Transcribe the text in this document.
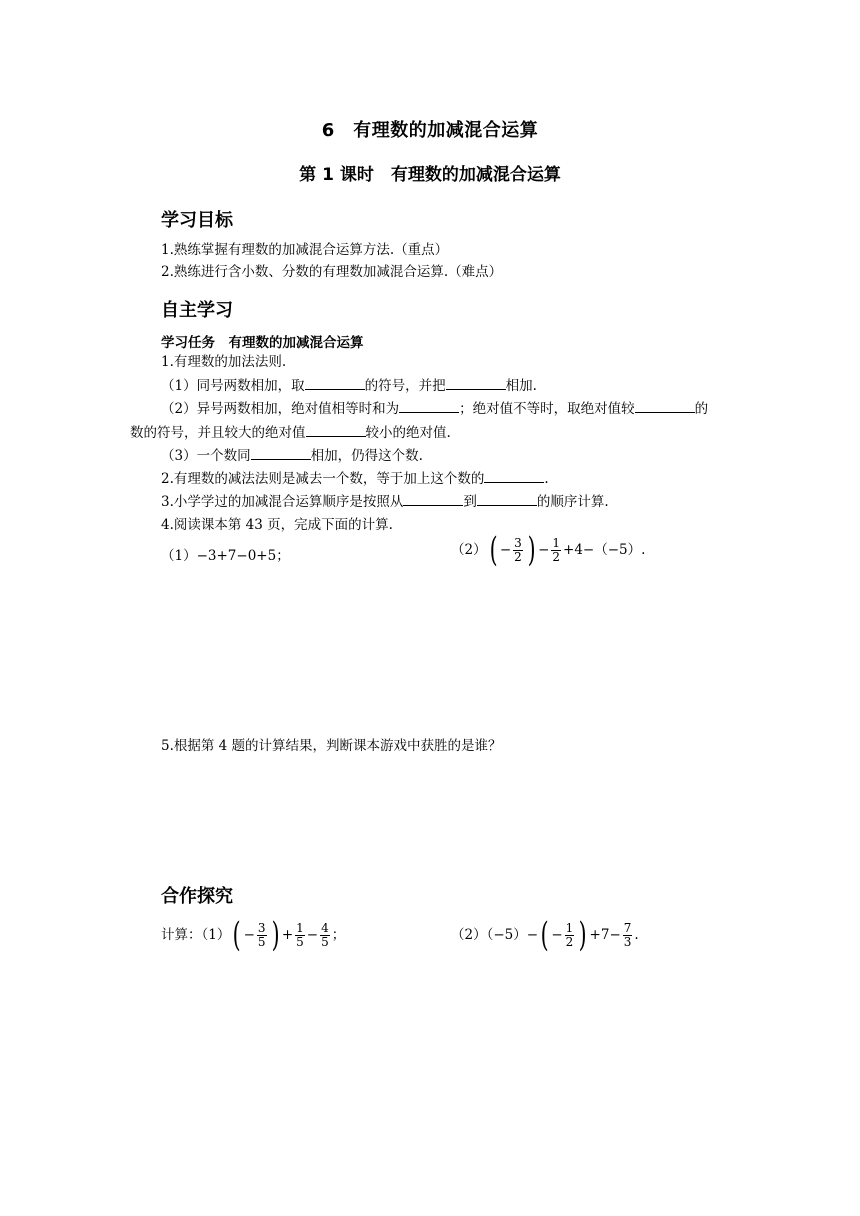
6　有理数的加减混合运算
第 1 课时　有理数的加减混合运算
学习目标
1.熟练掌握有理数的加减混合运算方法.（重点）
2.熟练进行含小数、分数的有理数加减混合运算.（难点）
自主学习
学习任务　有理数的加减混合运算
1.有理数的加法法则.
（1）同号两数相加，取	的符号，并把	相加.
（2）异号两数相加，绝对值相等时和为	；绝对值不等时，取绝对值较	的
数的符号，并且较大的绝对值	较小的绝对值.
（3）一个数同	相加，仍得这个数.
2.有理数的减法法则是减去一个数，等于加上这个数的	.
3.小学学过的加减混合运算顺序是按照从	到	的顺序计算.
4.阅读课本第 43 页，完成下面的计算.
（1）−3+7−0+5；	（2） ( − $\frac{3}{2}$ ) − $\frac{1}{2} +4-(-5)$.
5.根据第 4 题的计算结果，判断课本游戏中获胜的是谁？
合作探究
计算：（1） ( − $\frac{3}{5}$ ) + $\frac{1}{5} - \frac{4}{5}$ ；	（2）（−5）− ( − $\frac{1}{2}$ ) $+7- \frac{7}{3}$ .
